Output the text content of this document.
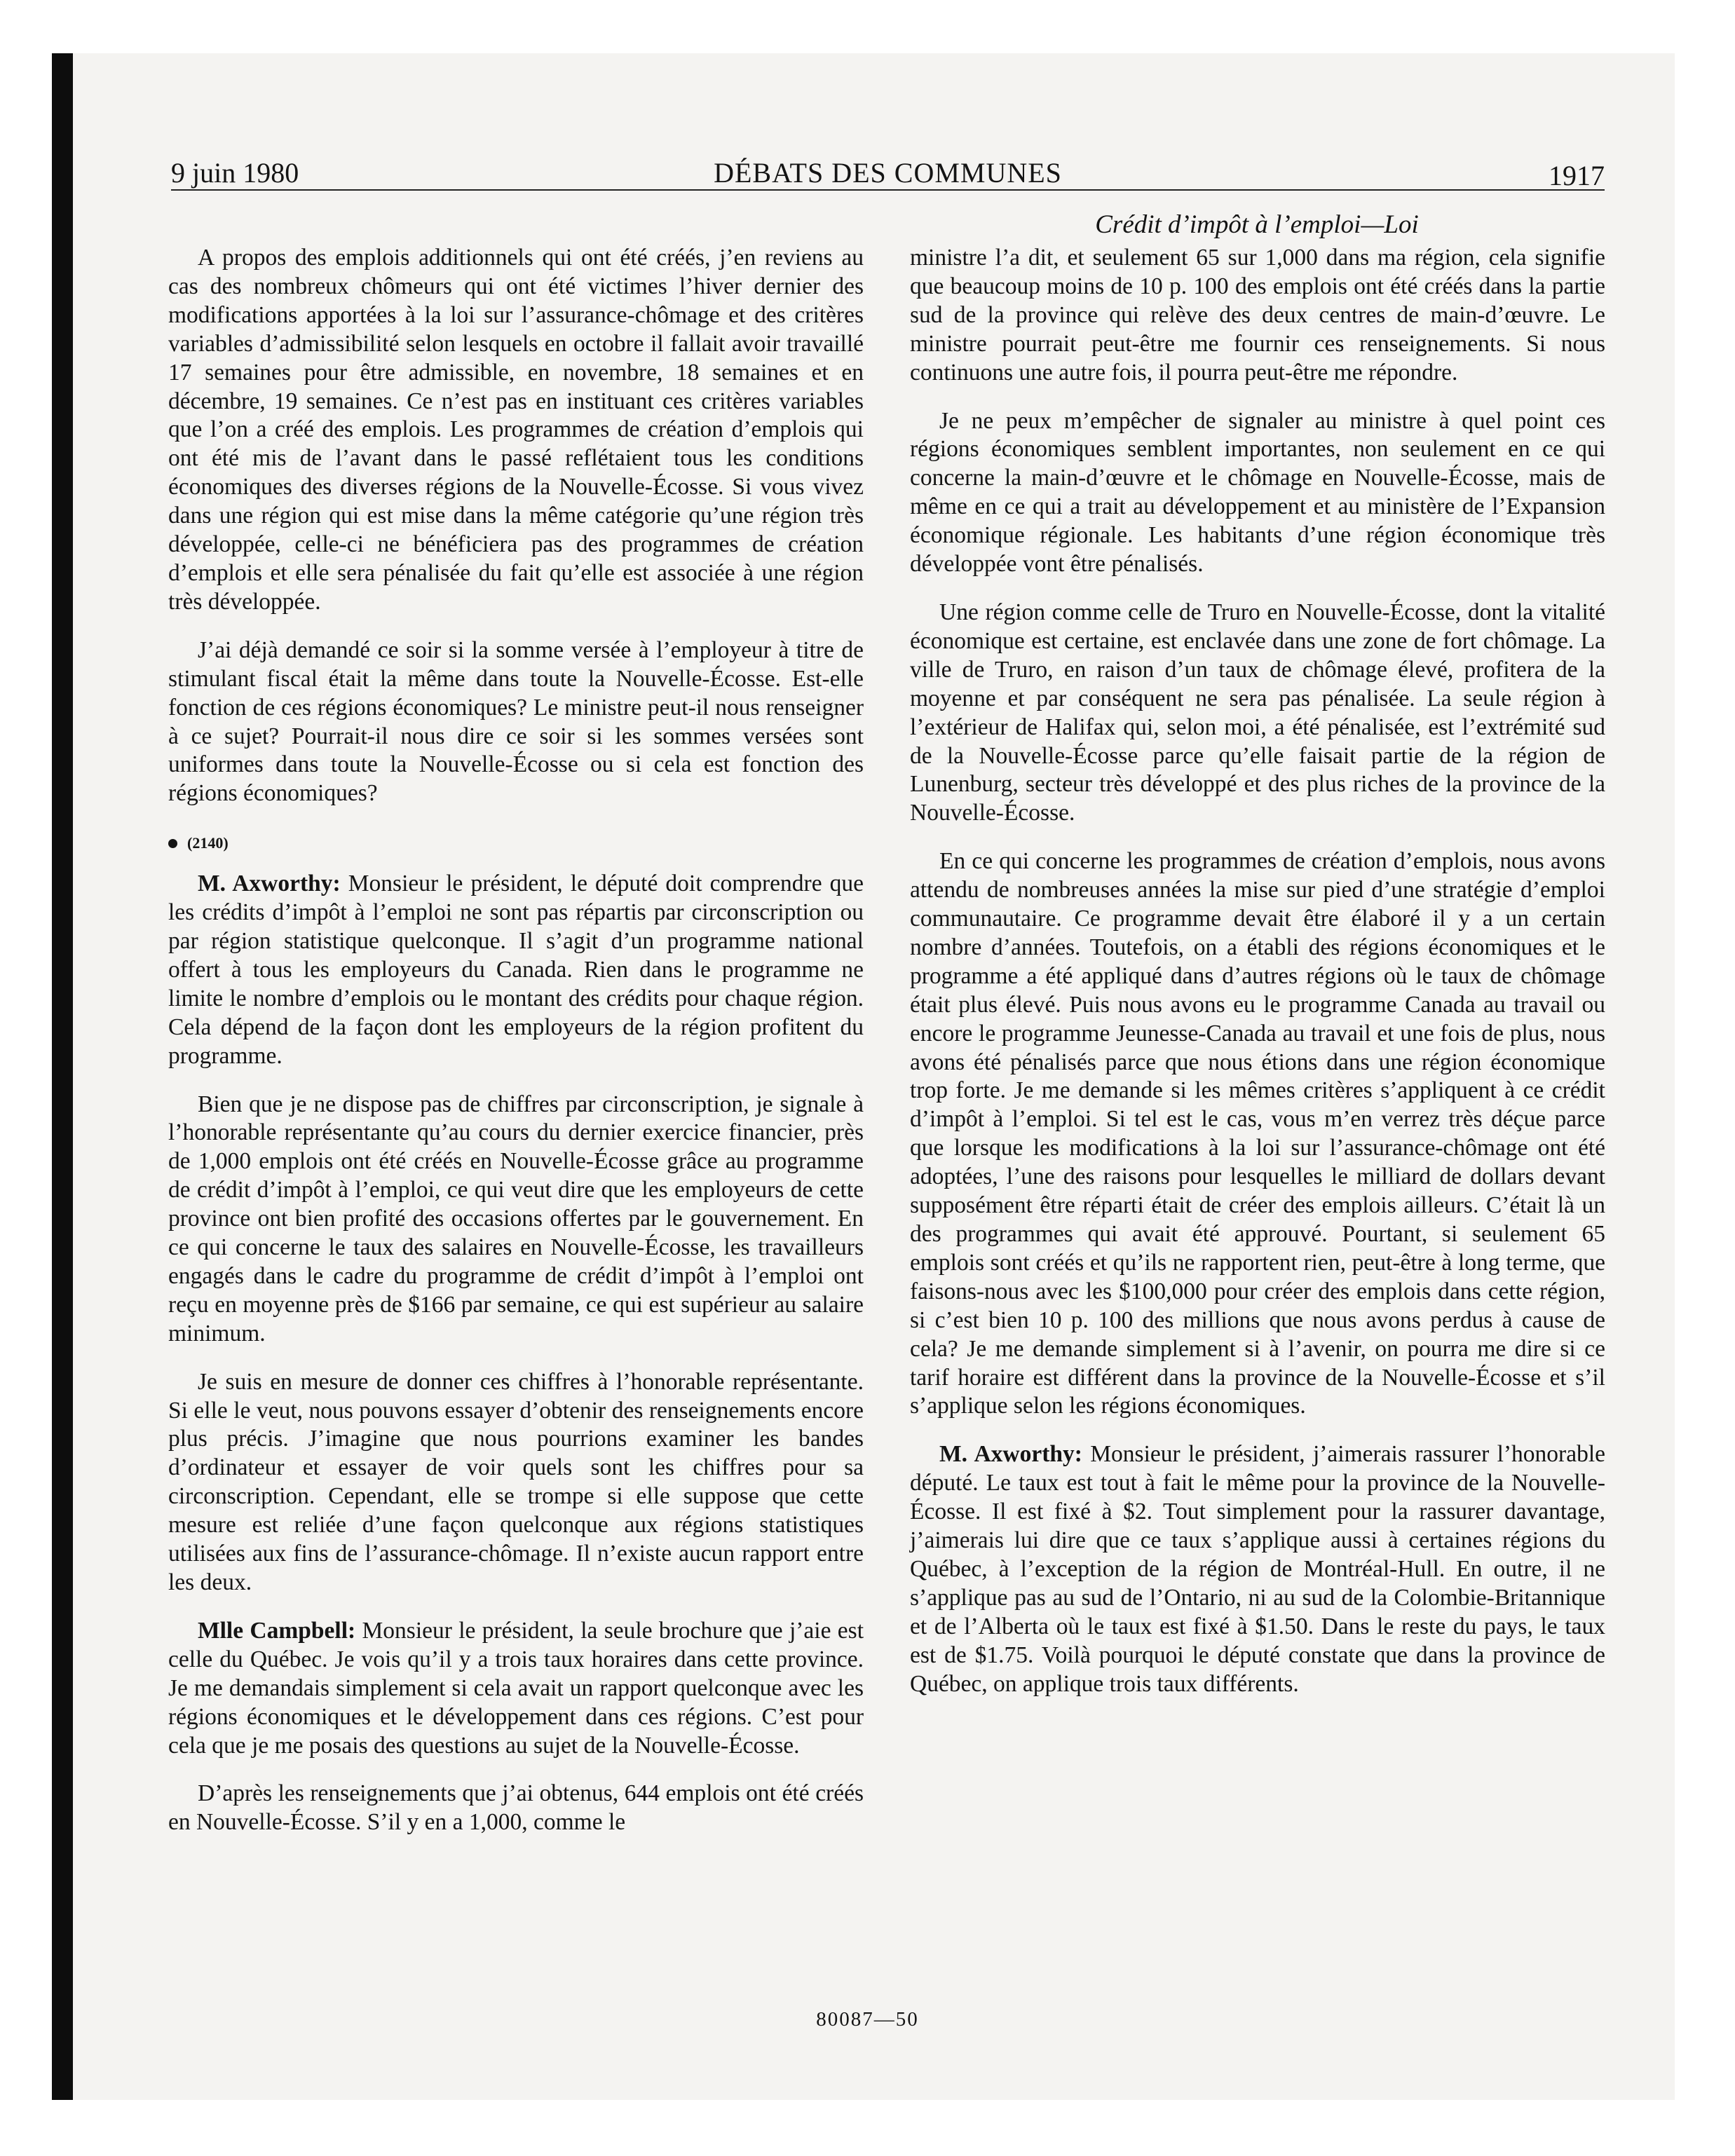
9 juin 1980	DÉBATS DES COMMUNES	1917
Crédit d’impôt à l’emploi—Loi

A propos des emplois additionnels qui ont été créés, j’en reviens au cas des nombreux chômeurs qui ont été victimes l’hiver dernier des modifications apportées à la loi sur l’assurance-chômage et des critères variables d’admissibilité selon lesquels en octobre il fallait avoir travaillé 17 semaines pour être admissible, en novembre, 18 semaines et en décembre, 19 semaines. Ce n’est pas en instituant ces critères variables que l’on a créé des emplois. Les programmes de création d’emplois qui ont été mis de l’avant dans le passé reflétaient tous les conditions économiques des diverses régions de la Nouvelle-Écosse. Si vous vivez dans une région qui est mise dans la même catégorie qu’une région très développée, celle-ci ne bénéficiera pas des programmes de création d’emplois et elle sera pénalisée du fait qu’elle est associée à une région très développée.

J’ai déjà demandé ce soir si la somme versée à l’employeur à titre de stimulant fiscal était la même dans toute la Nouvelle-Écosse. Est-elle fonction de ces régions économiques? Le ministre peut-il nous renseigner à ce sujet? Pourrait-il nous dire ce soir si les sommes versées sont uniformes dans toute la Nouvelle-Écosse ou si cela est fonction des régions économiques?

(2140)

M. Axworthy: Monsieur le président, le député doit comprendre que les crédits d’impôt à l’emploi ne sont pas répartis par circonscription ou par région statistique quelconque. Il s’agit d’un programme national offert à tous les employeurs du Canada. Rien dans le programme ne limite le nombre d’emplois ou le montant des crédits pour chaque région. Cela dépend de la façon dont les employeurs de la région profitent du programme.

Bien que je ne dispose pas de chiffres par circonscription, je signale à l’honorable représentante qu’au cours du dernier exercice financier, près de 1,000 emplois ont été créés en Nouvelle-Écosse grâce au programme de crédit d’impôt à l’emploi, ce qui veut dire que les employeurs de cette province ont bien profité des occasions offertes par le gouvernement. En ce qui concerne le taux des salaires en Nouvelle-Écosse, les travailleurs engagés dans le cadre du programme de crédit d’impôt à l’emploi ont reçu en moyenne près de $166 par semaine, ce qui est supérieur au salaire minimum.

Je suis en mesure de donner ces chiffres à l’honorable représentante. Si elle le veut, nous pouvons essayer d’obtenir des renseignements encore plus précis. J’imagine que nous pourrions examiner les bandes d’ordinateur et essayer de voir quels sont les chiffres pour sa circonscription. Cependant, elle se trompe si elle suppose que cette mesure est reliée d’une façon quelconque aux régions statistiques utilisées aux fins de l’assurance-chômage. Il n’existe aucun rapport entre les deux.

Mlle Campbell: Monsieur le président, la seule brochure que j’aie est celle du Québec. Je vois qu’il y a trois taux horaires dans cette province. Je me demandais simplement si cela avait un rapport quelconque avec les régions économiques et le développement dans ces régions. C’est pour cela que je me posais des questions au sujet de la Nouvelle-Écosse.

D’après les renseignements que j’ai obtenus, 644 emplois ont été créés en Nouvelle-Écosse. S’il y en a 1,000, comme le

ministre l’a dit, et seulement 65 sur 1,000 dans ma région, cela signifie que beaucoup moins de 10 p. 100 des emplois ont été créés dans la partie sud de la province qui relève des deux centres de main-d’œuvre. Le ministre pourrait peut-être me fournir ces renseignements. Si nous continuons une autre fois, il pourra peut-être me répondre.

Je ne peux m’empêcher de signaler au ministre à quel point ces régions économiques semblent importantes, non seulement en ce qui concerne la main-d’œuvre et le chômage en Nouvelle-Écosse, mais de même en ce qui a trait au développement et au ministère de l’Expansion économique régionale. Les habitants d’une région économique très développée vont être pénalisés.

Une région comme celle de Truro en Nouvelle-Écosse, dont la vitalité économique est certaine, est enclavée dans une zone de fort chômage. La ville de Truro, en raison d’un taux de chômage élevé, profitera de la moyenne et par conséquent ne sera pas pénalisée. La seule région à l’extérieur de Halifax qui, selon moi, a été pénalisée, est l’extrémité sud de la Nouvelle-Écosse parce qu’elle faisait partie de la région de Lunenburg, secteur très développé et des plus riches de la province de la Nouvelle-Écosse.

En ce qui concerne les programmes de création d’emplois, nous avons attendu de nombreuses années la mise sur pied d’une stratégie d’emploi communautaire. Ce programme devait être élaboré il y a un certain nombre d’années. Toutefois, on a établi des régions économiques et le programme a été appliqué dans d’autres régions où le taux de chômage était plus élevé. Puis nous avons eu le programme Canada au travail ou encore le programme Jeunesse-Canada au travail et une fois de plus, nous avons été pénalisés parce que nous étions dans une région économique trop forte. Je me demande si les mêmes critères s’appliquent à ce crédit d’impôt à l’emploi. Si tel est le cas, vous m’en verrez très déçue parce que lorsque les modifications à la loi sur l’assurance-chômage ont été adoptées, l’une des raisons pour lesquelles le milliard de dollars devant supposément être réparti était de créer des emplois ailleurs. C’était là un des programmes qui avait été approuvé. Pourtant, si seulement 65 emplois sont créés et qu’ils ne rapportent rien, peut-être à long terme, que faisons-nous avec les $100,000 pour créer des emplois dans cette région, si c’est bien 10 p. 100 des millions que nous avons perdus à cause de cela? Je me demande simplement si à l’avenir, on pourra me dire si ce tarif horaire est différent dans la province de la Nouvelle-Écosse et s’il s’applique selon les régions économiques.

M. Axworthy: Monsieur le président, j’aimerais rassurer l’honorable député. Le taux est tout à fait le même pour la province de la Nouvelle-Écosse. Il est fixé à $2. Tout simplement pour la rassurer davantage, j’aimerais lui dire que ce taux s’applique aussi à certaines régions du Québec, à l’exception de la région de Montréal-Hull. En outre, il ne s’applique pas au sud de l’Ontario, ni au sud de la Colombie-Britannique et de l’Alberta où le taux est fixé à $1.50. Dans le reste du pays, le taux est de $1.75. Voilà pourquoi le député constate que dans la province de Québec, on applique trois taux différents.

80087—50
